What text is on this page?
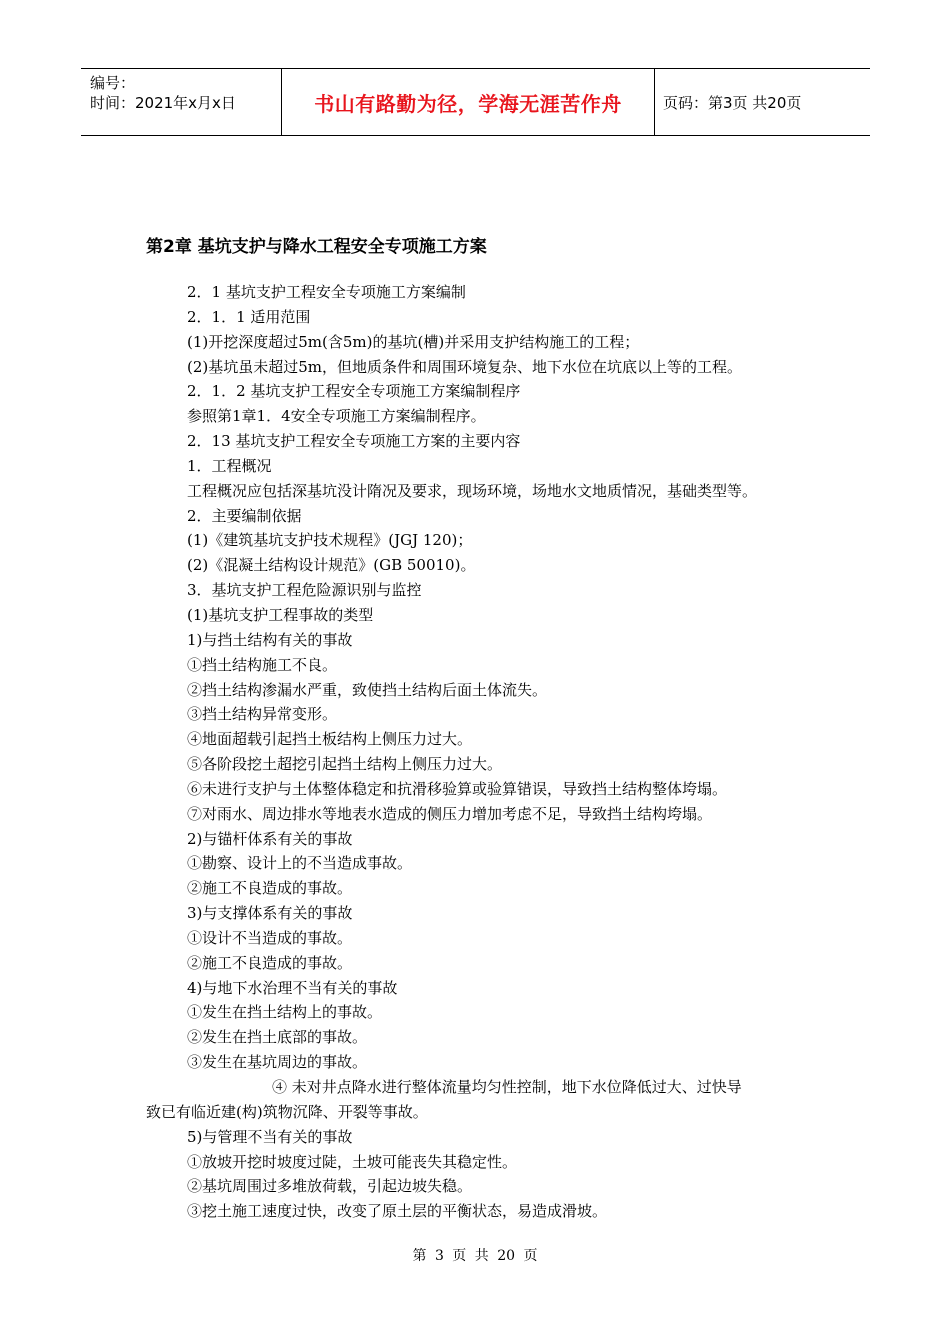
编号：
时间：2021年x月x日	书山有路勤为径，学海无涯苦作舟	页码：第3页 共20页
第2章 基坑支护与降水工程安全专项施工方案
2．1 基坑支护工程安全专项施工方案编制
2．1．1 适用范围
(1)开挖深度超过5m(含5m)的基坑(槽)并采用支护结构施工的工程；
(2)基坑虽未超过5m，但地质条件和周围环境复杂、地下水位在坑底以上等的工程。
2．1．2 基坑支护工程安全专项施工方案编制程序
参照第1章1．4安全专项施工方案编制程序。
2．13 基坑支护工程安全专项施工方案的主要内容
1．工程概况
工程概况应包括深基坑没计隋况及要求，现场环境，场地水文地质情况，基础类型等。
2．主要编制依据
(1)《建筑基坑支护技术规程》(JGJ 120)；
(2)《混凝土结构设计规范》(GB 50010)。
3．基坑支护工程危险源识别与监控
(1)基坑支护工程事故的类型
1)与挡土结构有关的事故
①挡土结构施工不良。
②挡土结构渗漏水严重，致使挡土结构后面土体流失。
③挡土结构异常变形。
④地面超载引起挡土板结构上侧压力过大。
⑤各阶段挖土超挖引起挡土结构上侧压力过大。
⑥未进行支护与土体整体稳定和抗滑移验算或验算错误，导致挡土结构整体垮塌。
⑦对雨水、周边排水等地表水造成的侧压力增加考虑不足，导致挡土结构垮塌。
2)与锚杆体系有关的事故
①勘察、设计上的不当造成事故。
②施工不良造成的事故。
3)与支撑体系有关的事故
①设计不当造成的事故。
②施工不良造成的事故。
4)与地下水治理不当有关的事故
①发生在挡土结构上的事故。
②发生在挡土底部的事故。
③发生在基坑周边的事故。
④ 未对井点降水进行整体流量均匀性控制，地下水位降低过大、过快导
致已有临近建(构)筑物沉降、开裂等事故。
5)与管理不当有关的事故
①放坡开挖时坡度过陡，土坡可能丧失其稳定性。
②基坑周围过多堆放荷载，引起边坡失稳。
③挖土施工速度过快，改变了原土层的平衡状态，易造成滑坡。
第 3 页 共 20 页
